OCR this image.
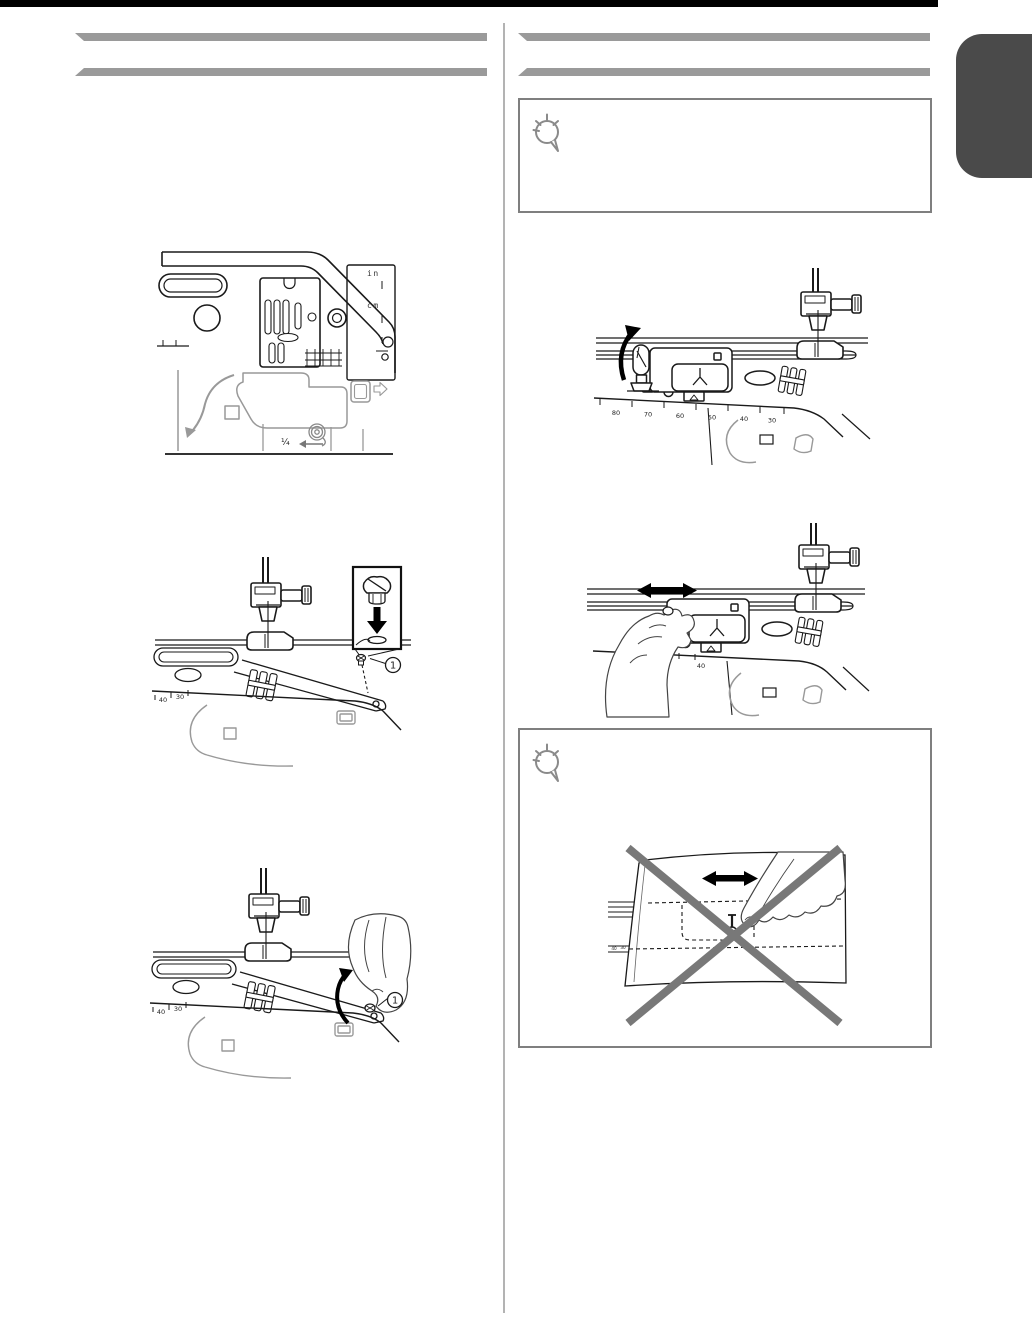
in
cm
¼
40 30
1
40 30
1
80	70	60	50	40	30
40
40 30
